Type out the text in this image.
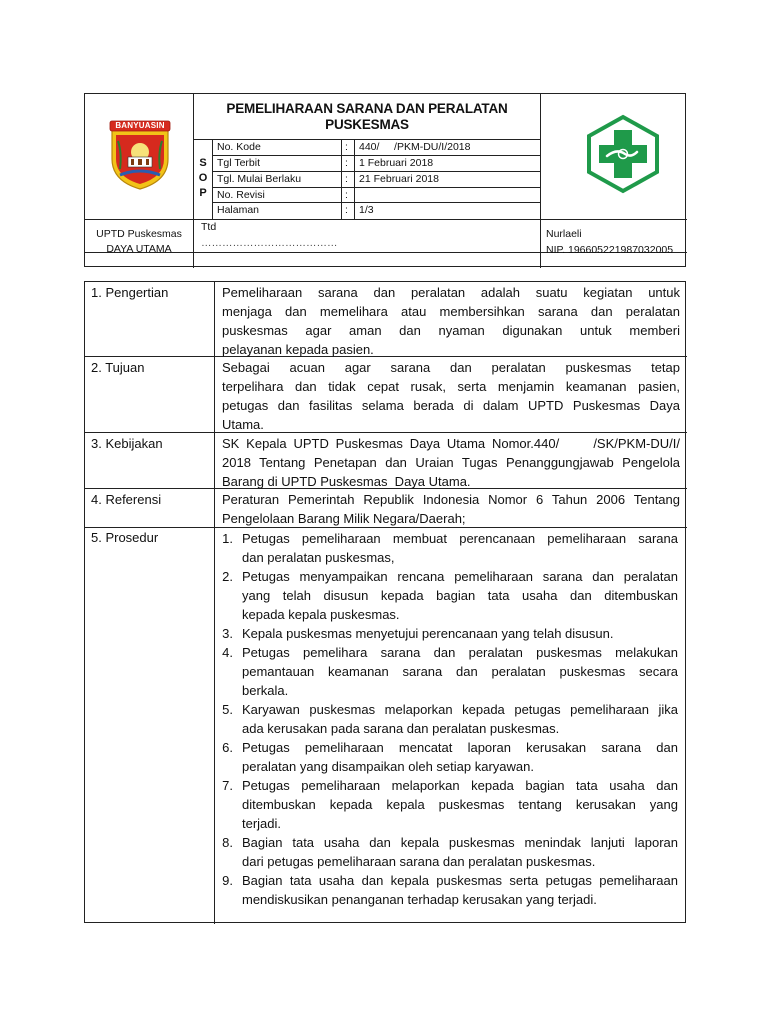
BANYUASIN
PEMELIHARAAN SARANA DAN PERALATAN
PUSKESMAS
S
O
P
No. Kode	: 440/     /PKM-DU/I/2018
Tgl Terbit	: 1 Februari 2018
Tgl. Mulai Berlaku	: 21 Februari 2018
No. Revisi	:
Halaman	: 1/3
UPTD Puskesmas
DAYA UTAMA
Ttd
…………………………………
Nurlaeli
NIP. 196605221987032005
1. Pengertian	Pemeliharaan sarana dan peralatan adalah suatu kegiatan untuk
menjaga dan memelihara atau membersihkan sarana dan peralatan
puskesmas agar aman dan nyaman digunakan untuk memberi
pelayanan kepada pasien.
2. Tujuan	Sebagai acuan agar sarana dan peralatan puskesmas tetap
terpelihara dan tidak cepat rusak, serta menjamin keamanan pasien,
petugas dan fasilitas selama berada di dalam UPTD Puskesmas Daya
Utama.
3. Kebijakan	SK Kepala UPTD Puskesmas Daya Utama Nomor.440/     /SK/PKM-DU/I/
2018 Tentang Penetapan dan Uraian Tugas Penanggungjawab Pengelola
Barang di UPTD Puskesmas  Daya Utama.
4. Referensi	Peraturan Pemerintah Republik Indonesia Nomor 6 Tahun 2006 Tentang
Pengelolaan Barang Milik Negara/Daerah;
5. Prosedur	1. Petugas pemeliharaan membuat perencanaan pemeliharaan sarana
dan peralatan puskesmas,
2. Petugas menyampaikan rencana pemeliharaan sarana dan peralatan
yang telah disusun kepada bagian tata usaha dan ditembuskan
kepada kepala puskesmas.
3. Kepala puskesmas menyetujui perencanaan yang telah disusun.
4. Petugas pemelihara sarana dan peralatan puskesmas melakukan
pemantauan keamanan sarana dan peralatan puskesmas secara
berkala.
5. Karyawan puskesmas melaporkan kepada petugas pemeliharaan jika
ada kerusakan pada sarana dan peralatan puskesmas.
6. Petugas pemeliharaan mencatat laporan kerusakan sarana dan
peralatan yang disampaikan oleh setiap karyawan.
7. Petugas pemeliharaan melaporkan kepada bagian tata usaha dan
ditembuskan kepada kepala puskesmas tentang kerusakan yang
terjadi.
8. Bagian tata usaha dan kepala puskesmas menindak lanjuti laporan
dari petugas pemeliharaan sarana dan peralatan puskesmas.
9. Bagian tata usaha dan kepala puskesmas serta petugas pemeliharaan
mendiskusikan penanganan terhadap kerusakan yang terjadi.
